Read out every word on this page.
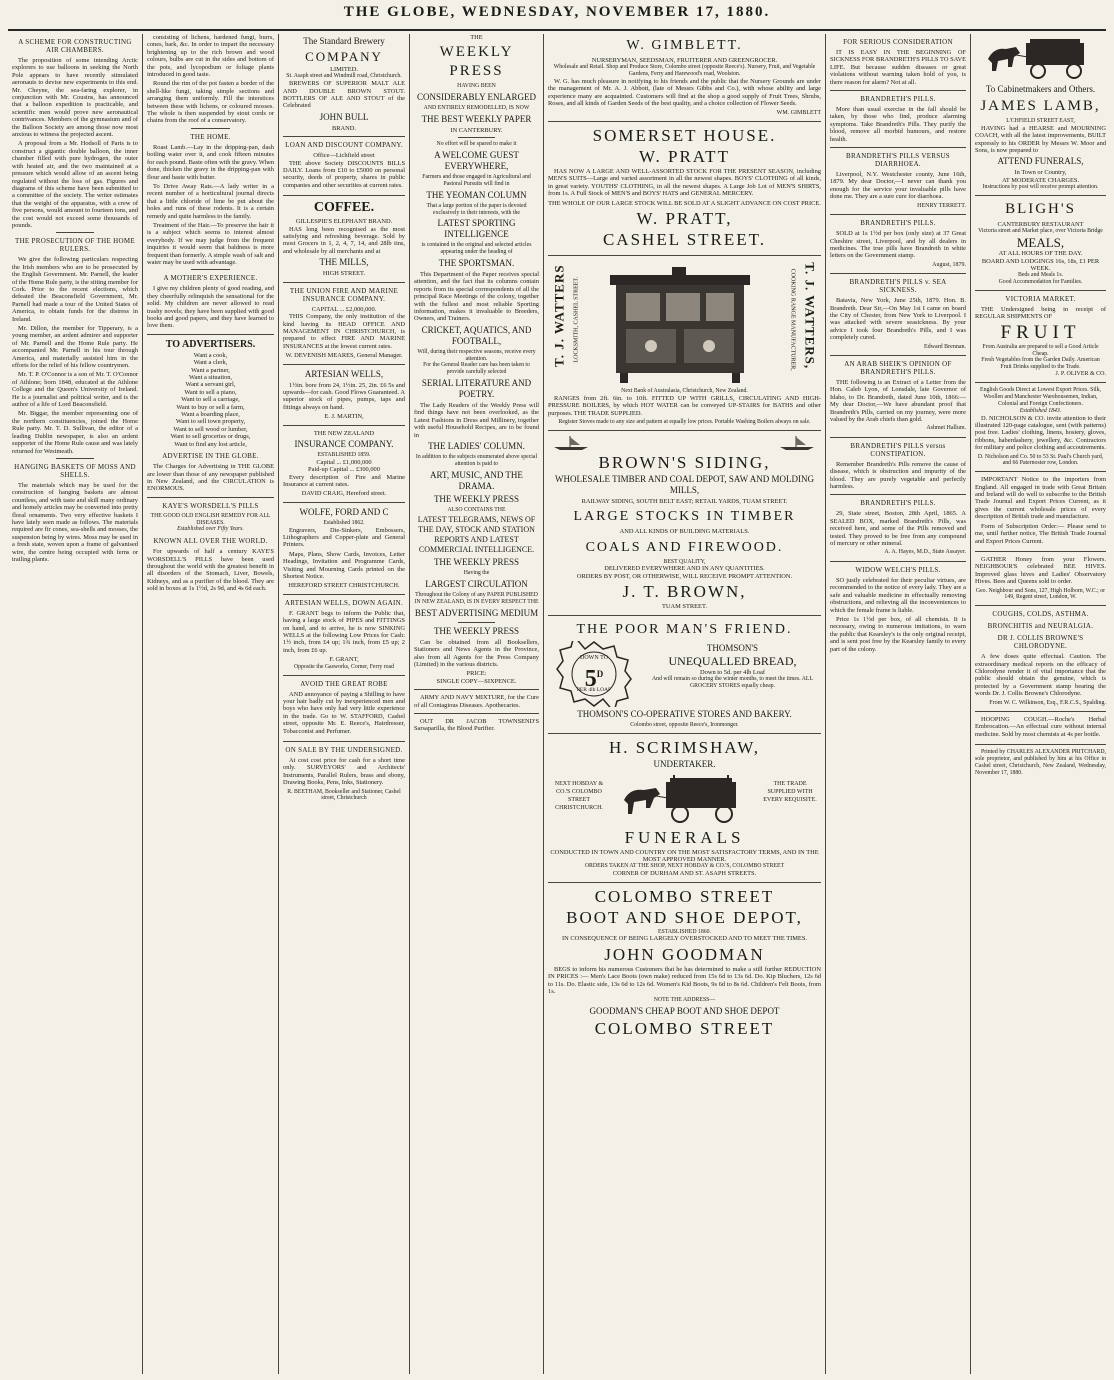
THE GLOBE, WEDNESDAY, NOVEMBER 17, 1880.
A SCHEME FOR CONSTRUCTING AIR CHAMBERS.

The proposition of some intending Arctic explorers to use balloons in seeking the North Pole appears to have recently stimulated aeronauts to devise new experiments to this end. Mr. Cheyne, the sea-faring explorer, in conjunction with Mr. Cousins, has announced that a balloon expedition is practicable, and scientific men would prove new aeronautical contrivances. Members of the gymnasium and of the Balloon Society are among those now most anxious to witness the projected ascent.

A proposal from a Mr. Hodsoll of Paris is to construct a gigantic double balloon, the inner chamber filled with pure hydrogen, the outer with heated air, and the two maintained at a pressure which would allow of an ascent being regulated without the loss of gas. Figures and diagrams of this scheme have been submitted to a committee of the society. The writer estimates that the weight of the apparatus, with a crew of five persons, would amount to fourteen tons, and the cost would not exceed some thousands of pounds.

THE PROSECUTION OF THE HOME RULERS.

We give the following particulars respecting the Irish members who are to be prosecuted by the English Government. Mr. Parnell, the leader of the Home Rule party, is the sitting member for Cork. Prior to the recent elections, which defeated the Beaconsfield Government, Mr. Parnell had made a tour of the United States of America, to obtain funds for the distress in Ireland.

Mr. Dillon, the member for Tipperary, is a young member, an ardent admirer and supporter of Mr. Parnell and the Home Rule party. He accompanied Mr. Parnell in his tour through America, and materially assisted him in the efforts for the relief of his fellow countrymen.

Mr. T. P. O'Connor is a son of Mr. T. O'Connor of Athlone; born 1848, educated at the Athlone College and the Queen's University of Ireland. He is a journalist and political writer, and is the author of a life of Lord Beaconsfield.

Mr. Biggar, the member representing one of the northern constituencies, joined the Home Rule party. Mr. T. D. Sullivan, the editor of a leading Dublin newspaper, is also an ardent supporter of the Home Rule cause and was lately returned for Westmeath.

HANGING BASKETS OF MOSS AND SHELLS.

The materials which may be used for the construction of hanging baskets are almost countless, and with taste and skill many ordinary and homely articles may be converted into pretty floral ornaments. Two very effective baskets I have lately seen made as follows. The materials required are fir cones, sea-shells and mosses, the suspension being by wires. Moss may be used in a fresh state, woven upon a frame of galvanised wire, the centre being occupied with ferns or trailing plants.

consisting of lichens, hardened fungi, burrs, cones, bark, &c. In order to impart the necessary brightening up to the rich brown and wood colours, bulbs are cut in the sides and bottom of the pots, and lycopodium or foliage plants introduced in good taste.

Round the rim of the pot fasten a border of the shell-like fungi, taking simple sections and arranging them uniformly. Fill the interstices between these with lichens, or coloured mosses. The whole is then suspended by stout cords or chains from the roof of a conservatory.

THE HOME.

Roast Lamb.—Lay in the dripping-pan, dash boiling water over it, and cook fifteen minutes for each pound. Baste often with the gravy. When done, thicken the gravy in the dripping-pan with flour and baste with butter.

To Drive Away Rats.—A lady writer in a recent number of a horticultural journal directs that a little chloride of lime be put about the holes and runs of these rodents. It is a certain remedy and quite harmless to the family.

Treatment of the Hair.—To preserve the hair it is a subject which seems to interest almost everybody. If we may judge from the frequent inquiries it would seem that baldness is more frequent than formerly. A simple wash of salt and water may be used with advantage.

A MOTHER'S EXPERIENCE.

I give my children plenty of good reading, and they cheerfully relinquish the sensational for the solid. My children are never allowed to read trashy novels; they have been supplied with good books and good papers, and they have learned to love them.

TO ADVERTISERS.
Want a cook,
Want a clerk,
Want a partner,
Want a situation,
Want a servant girl,
Want to sell a piano,
Want to sell a carriage,
Want to buy or sell a farm,
Want a boarding place,
Want to sell town property,
Want to sell wood or lumber,
Want to sell groceries or drugs,
Want to find any lost article,
ADVERTISE IN THE GLOBE.

The Charges for Advertising in THE GLOBE are lower than those of any newspaper published in New Zealand, and the CIRCULATION is ENORMOUS.

KAYE'S WORSDELL'S PILLS
THE GOOD OLD ENGLISH REMEDY FOR ALL DISEASES.
Established over Fifty Years.
KNOWN ALL OVER THE WORLD.

For upwards of half a century KAYE'S WORSDELL'S PILLS have been used throughout the world with the greatest benefit in all disorders of the Stomach, Liver, Bowels, Kidneys, and as a purifier of the blood. They are sold in boxes at 1s 1½d, 2s 9d, and 4s 6d each.

The Standard Brewery
COMPANY
LIMITED.
St. Asaph street and Windmill road, Christchurch.

BREWERS OF SUPERIOR MALT ALE AND DOUBLE BROWN STOUT. BOTTLERS OF ALE AND STOUT of the Celebrated

JOHN BULL
BRAND.
LOAN AND DISCOUNT COMPANY.
Office—Lichfield street

THE above Society DISCOUNTS BILLS DAILY. Loans from £10 to £5000 on personal security, deeds of property, shares in public companies and other securities at current rates.

COFFEE.
GILLESPIE'S ELEPHANT BRAND.

HAS long been recognised as the most satisfying and refreshing beverage. Sold by most Grocers in 1, 2, 4, 7, 14, and 28lb tins, and wholesale by all merchants and at

THE MILLS,
HIGH STREET.
THE UNION FIRE AND MARINE INSURANCE COMPANY.
CAPITAL ... £2,000,000.

THIS Company, the only institution of the kind having its HEAD OFFICE AND MANAGEMENT IN CHRISTCHURCH, is prepared to effect FIRE AND MARINE INSURANCES at the lowest current rates.

W. DEVENISH MEARES, General Manager.
ARTESIAN WELLS,

1½in. bore from 24, 1½in. 25, 2in. £6 5s and upwards—for cash. Good Flows Guaranteed. A superior stock of pipes, pumps, taps and fittings always on hand.

E. J. MARTIN,
THE NEW ZEALAND
INSURANCE COMPANY.
ESTABLISHED 1859.
Capital ... £1,000,000
Paid-up Capital ... £300,000

Every description of Fire and Marine Insurance at current rates.

DAVID CRAIG, Hereford street.
WOLFE, FORD AND C
Established 1862.

Engravers, Die-Sinkers, Embossers, Lithographers and Copper-plate and General Printers.

Maps, Plans, Show Cards, Invoices, Letter Headings, Invitation and Programme Cards, Visiting and Mourning Cards printed on the Shortest Notice.

HEREFORD STREET CHRISTCHURCH.
ARTESIAN WELLS, DOWN AGAIN.

F. GRANT begs to inform the Public that, having a large stock of PIPES and FITTINGS on hand, and to arrive, he is now SINKING WELLS at the following Low Prices for Cash: 1½ inch, from £4 up; 1¾ inch, from £5 up; 2 inch, from £6 up.

F. GRANT,
Opposite the Gasworks, Corner, Ferry road
AVOID THE GREAT ROBE

AND annoyance of paying a Shilling to have your hair badly cut by inexperienced men and boys who have only had very little experience in the trade. Go to W. STAFFORD, Cashel street, opposite Mr. E. Reece's, Hairdresser, Tobacconist and Perfumer.

ON SALE BY THE UNDERSIGNED.

At cost cost price for cash for a short time only. SURVEYORS' and Architects' Instruments, Parallel Rulers, brass and ebony, Drawing Books, Pens, Inks, Stationery.

R. BEETHAM, Bookseller and Stationer, Cashel street, Christchurch
THE
WEEKLY PRESS
HAVING BEEN
CONSIDERABLY ENLARGED
AND ENTIRELY REMODELLED, IS NOW
THE BEST WEEKLY PAPER
IN CANTERBURY.
No effort will be spared to make it
A WELCOME GUEST EVERYWHERE,
Farmers and those engaged in Agricultural and Pastoral Pursuits will find in
THE YEOMAN COLUMN
That a large portion of the paper is devoted exclusively to their interests, with the
LATEST SPORTING INTELLIGENCE
is contained in the original and selected articles appearing under the heading of
THE SPORTSMAN.

This Department of the Paper receives special attention, and the fact that its columns contain reports from its special correspondents of all the principal Race Meetings of the colony, together with the fullest and most reliable Sporting information, makes it invaluable to Breeders, Owners, and Trainers.

CRICKET, AQUATICS, AND FOOTBALL,
Will, during their respective seasons, receive every attention.
For the General Reader care has been taken to provide carefully selected
SERIAL LITERATURE AND POETRY.

The Lady Readers of the Weekly Press will find things have not been overlooked, as the Latest Fashions in Dress and Millinery, together with useful Household Recipes, are to be found in

THE LADIES' COLUMN.
In addition to the subjects enumerated above special attention is paid to
ART, MUSIC, AND THE DRAMA.
THE WEEKLY PRESS
ALSO CONTAINS THE
LATEST TELEGRAMS, NEWS OF THE DAY, STOCK AND STATION REPORTS AND LATEST COMMERCIAL INTELLIGENCE.
THE WEEKLY PRESS
Having the
LARGEST CIRCULATION
Throughout the Colony of any PAPER PUBLISHED IN NEW ZEALAND, IS IN EVERY RESPECT THE
BEST ADVERTISING MEDIUM
THE WEEKLY PRESS

Can be obtained from all Booksellers, Stationers and News Agents in the Province, also from all Agents for the Press Company (Limited) in the various districts.

PRICE:
SINGLE COPY—SIXPENCE.

ARMY AND NAVY MIXTURE, for the Cure of all Contagious Diseases. Apothecaries.

OUT DR JACOB TOWNSEND'S Sarsaparilla, the Blood Purifier.

W. GIMBLETT.
NURSERYMAN, SEEDSMAN, FRUITERER AND GREENGROCER.
Wholesale and Retail. Shop and Produce Store, Colombo street (opposite Reece's). Nursery, Fruit, and Vegetable Gardens, Ferry and Harewood's road, Woolston.

W. G. has much pleasure in notifying to his friends and the public that the Nursery Grounds are under the management of Mr. A. J. Abbott, (late of Messrs Gibbs and Co.), with whose ability and large experience many are acquainted. Customers will find at the shop a good supply of Fruit Trees, Shrubs, Roses, and all kinds of Garden Seeds of the best quality, and a choice collection of Flower Seeds.

WM. GIMBLETT
SOMERSET HOUSE.
W. PRATT

HAS NOW A LARGE AND WELL-ASSORTED STOCK FOR THE PRESENT SEASON, including MEN'S SUITS—Large and varied assortment in all the newest shapes. BOYS' CLOTHING of all kinds, in great variety. YOUTHS' CLOTHING, in all the newest shapes. A Large Job Lot of MEN'S SHIRTS, from 1s. A Full Stock of MEN'S and BOYS' HATS and GENERAL MERCERY.

THE WHOLE OF OUR LARGE STOCK WILL BE SOLD AT A SLIGHT ADVANCE ON COST PRICE.
W. PRATT,
CASHEL STREET.
T. J. WATTERS LOCKSMITH, CASHEL STREET.	COOKING RANGE MANUFACTURER, T. J. WATTERS,
Next Bank of Australasia, Christchurch, New Zealand.

RANGES from 2ft. 6in. to 10ft. FITTED UP WITH GRILLS, CIRCULATING AND HIGH-PRESSURE BOILERS, by which HOT WATER can be conveyed UP-STAIRS for BATHS and other purposes. THE TRADE SUPPLIED.

Register Stoves made to any size and pattern at equally low prices. Portable Washing Boilers always on sale.
BROWN'S SIDING,
WHOLESALE TIMBER AND COAL DEPOT, SAW AND MOLDING MILLS,
RAILWAY SIDING, SOUTH BELT EAST; RETAIL YARDS, TUAM STREET.
LARGE STOCKS IN TIMBER
AND ALL KINDS OF BUILDING MATERIALS.
COALS AND FIREWOOD.
BEST QUALITY,
DELIVERED EVERYWHERE AND IN ANY QUANTITIES.
ORDERS BY POST, OR OTHERWISE, WILL RECEIVE PROMPT ATTENTION.
J. T. BROWN,
TUAM STREET.
THE POOR MAN'S FRIEND.
DOWN TO
$5^D$
PER 4lb LOAF
THOMSON'S
UNEQUALLED BREAD,
Down to 5d. per 4lb Loaf
And will remain so during the winter months, to meet the times. ALL GROCERY STORES equally cheap.
THOMSON'S CO-OPERATIVE STORES AND BAKERY.
Colombo street, opposite Reece's, Ironmonger.
H. SCRIMSHAW,
UNDERTAKER.
NEXT HOBDAY & CO.'S COLOMBO STREET CHRISTCHURCH.
THE TRADE SUPPLIED WITH EVERY REQUISITE.
FUNERALS
CONDUCTED IN TOWN AND COUNTRY ON THE MOST SATISFACTORY TERMS, AND IN THE MOST APPROVED MANNER.
ORDERS TAKEN AT THE SHOP, NEXT HOBDAY & CO.'S, COLOMBO STREET
CORNER OF DURHAM AND ST. ASAPH STREETS.
COLOMBO STREET
BOOT AND SHOE DEPOT,
ESTABLISHED 1860.
IN CONSEQUENCE OF BEING LARGELY OVERSTOCKED AND TO MEET THE TIMES.
JOHN GOODMAN

BEGS to inform his numerous Customers that he has determined to make a still further REDUCTION IN PRICES :— Men's Lace Boots (own make) reduced from 15s 6d to 13s 6d. Do. Kip Bluchers, 12s 6d to 11s. Do. Elastic side, 13s 6d to 12s 6d. Women's Kid Boots, 9s 6d to 8s 6d. Children's Felt Boots, from 1s.

NOTE THE ADDRESS—
GOODMAN'S CHEAP BOOT AND SHOE DEPOT
COLOMBO STREET
FOR SERIOUS CONSIDERATION

IT IS EASY IN THE BEGINNING OF SICKNESS FOR BRANDRETH'S PILLS TO SAVE LIFE. But because sudden diseases or great violations without warning taken hold of you, is there reason for alarm? Not at all.

BRANDRETH'S PILLS.

More than usual exercise in the fall should be taken, by those who find, produce alarming symptoms. Take Brandreth's Pills. They purify the blood, remove all morbid humours, and restore health.

BRANDRETH'S PILLS VERSUS DIARRHOEA.

Liverpool, N.Y. Westchester county, June 16th, 1879. My dear Doctor,—I never can thank you enough for the service your invaluable pills have done me. They are a sure cure for diarrhoea.

HENRY TERRETT.
BRANDRETH'S PILLS.

SOLD at 1s 1½d per box (only size) at 37 Great Cheshire street, Liverpool, and by all dealers in medicines. The true pills have Brandreth in white letters on the Government stamp.

August, 1879.
BRANDRETH'S PILLS v. SEA SICKNESS.

Batavia, New York, June 25th, 1879. Hon. B. Brandreth. Dear Sir,—On May 1st I came on board the City of Chester, from New York to Liverpool. I was attacked with severe seasickness. By your advice I took four Brandreth's Pills, and I was completely cured.

Edward Brennan.
AN ARAB SHEIK'S OPINION OF BRANDRETH'S PILLS.

THE following is an Extract of a Letter from the Hon. Caleb Lyon, of Lonsdale, late Governor of Idaho, to Dr. Brandreth, dated June 10th, 1866:— My dear Doctor,—We have abundant proof that Brandreth's Pills, carried on my journey, were more valued by the Arab chiefs than gold.

Ashmet Hallum.
BRANDRETH'S PILLS versus CONSTIPATION.

Remember Brandreth's Pills remove the cause of disease, which is obstruction and impurity of the blood. They are purely vegetable and perfectly harmless.

BRANDRETH'S PILLS.

29, State street, Boston, 28th April, 1865. A SEALED BOX, marked Brandreth's Pills, was received here, and some of the Pills removed and tested. They proved to be free from any compound of mercury or other mineral.

A. A. Hayes, M.D., State Assayer.
WIDOW WELCH'S PILLS.

SO justly celebrated for their peculiar virtues, are recommended to the notice of every lady. They are a safe and valuable medicine in effectually removing obstructions, and relieving all the inconveniences to which the female frame is liable.

Price 1s 1½d per box, of all chemists. It is necessary, owing to numerous imitations, to warn the public that Kearsley's is the only original receipt, and is sent post free by the Kearsley family to every part of the colony.

To Cabinetmakers and Others.
JAMES LAMB,
L'CHFIELD STREET EAST,

HAVING had a HEARSE and MOURNING COACH, with all the latest improvements, BUILT expressly to his ORDER by Messrs W. Moor and Sons, is now prepared to

ATTEND FUNERALS,
In Town or Country,
AT MODERATE CHARGES.
Instructions by post will receive prompt attention.
BLIGH'S
CANTERBURY RESTAURANT
Victoria street and Market place, over Victoria Bridge
MEALS,
AT ALL HOURS OF THE DAY.
BOARD AND LODGINGS 16s, 18s, £1 PER WEEK.
Beds and Meals 1s.
Good Accommodation for Families.
VICTORIA MARKET.

THE Undersigned being in receipt of REGULAR SHIPMENTS OF

FRUIT
From Australia are prepared to sell a Good Article Cheap.
Fresh Vegetables from the Garden Daily. American Fruit Drinks supplied to the Trade.
J. P. OLIVER & CO.
English Goods Direct at Lowest Export Prices. Silk, Woollen and Manchester Warehousemen, Indian, Colonial and Foreign Confectioners.
Established 1843.

D. NICHOLSON & CO. invite attention to their illustrated 120-page catalogue, sent (with patterns) post free. Ladies' clothing, linens, hosiery, gloves, ribbons, haberdashery, jewellery, &c. Contractors for military and police clothing and accoutrements.

D. Nicholson and Co. 50 to 53 St. Paul's Church yard, and 66 Paternoster row, London.

IMPORTANT Notice to the importers from England. All engaged in trade with Great Britain and Ireland will do well to subscribe to the British Trade Journal and Export Prices Current, as it gives the current wholesale prices of every description of British trade and manufacture.

Form of Subscription Order:— Please send to me, until further notice, The British Trade Journal and Export Prices Current.

GATHER Honey from your Flowers. NEIGHBOUR'S celebrated BEE HIVES. Improved glass hives and Ladies' Observatory Hives. Bees and Queens sold to order.

Geo. Neighbour and Sons, 127, High Holborn, W.C.; or 149, Regent street, London, W.
COUGHS, COLDS, ASTHMA.
BRONCHITIS and NEURALGIA.
DR J. COLLIS BROWNE'S CHLORODYNE.

A few doses quite effectual. Caution. The extraordinary medical reports on the efficacy of Chlorodyne render it of vital importance that the public should obtain the genuine, which is protected by a Government stamp bearing the words Dr. J. Collis Browne's Chlorodyne.

From W. C. Wilkinson, Esq., F.R.C.S., Spalding.

HOOPING COUGH.—Roche's Herbal Embrocation.—An effectual cure without internal medicine. Sold by most chemists at 4s per bottle.

Printed by CHARLES ALEXANDER PRITCHARD, sole proprietor, and published by him at his Office in Cashel street, Christchurch, New Zealand, Wednesday, November 17, 1880.
